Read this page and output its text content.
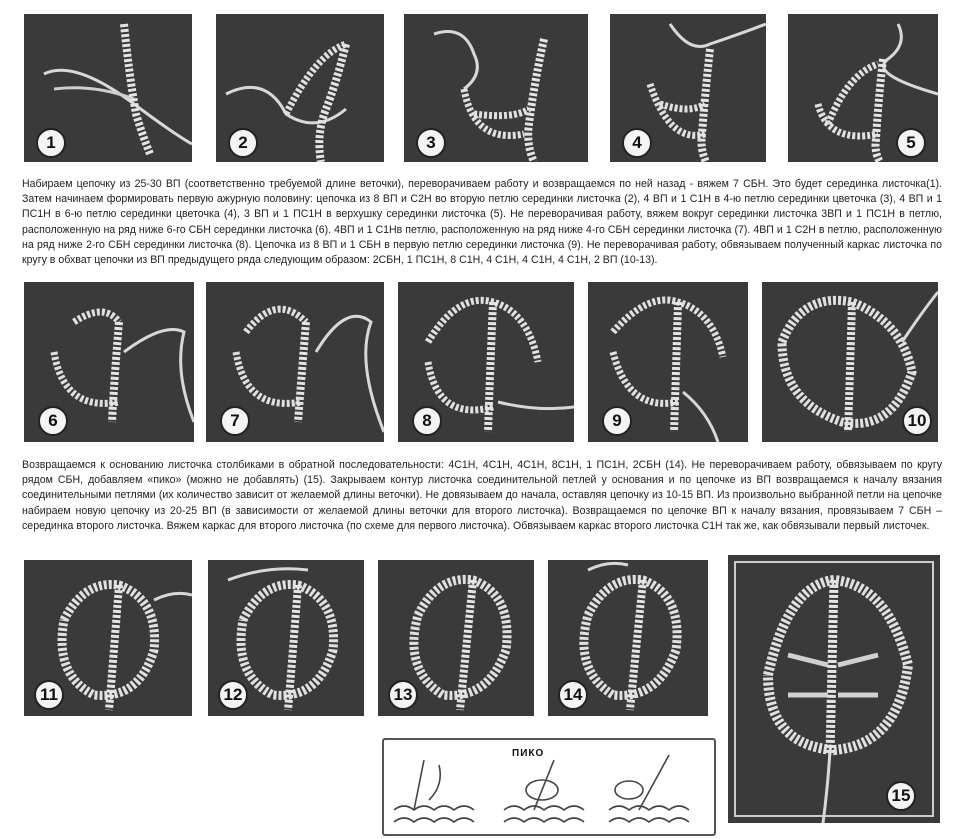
1	2	3	4	5
Набираем цепочку из 25-30 ВП (соответственно требуемой длине веточки), переворачиваем работу и возвращаемся по ней назад - вяжем 7 СБН. Это будет серединка листочка(1). Затем начинаем формировать первую ажурную половину: цепочка из 8 ВП и С2Н во вторую петлю серединки листочка (2), 4 ВП и 1 С1Н в 4-ю петлю серединки цветочка (3), 4 ВП и 1 ПС1Н в 6-ю петлю серединки цветочка (4), 3 ВП и 1 ПС1Н в верхушку серединки листочка (5). Не переворачивая работу, вяжем вокруг серединки листочка 3ВП и 1 ПС1Н в петлю, расположенную на ряд ниже 6-го СБН серединки листочка (6). 4ВП и 1 С1Нв петлю, расположенную на ряд ниже 4-го СБН серединки листочка (7). 4ВП и 1 С2Н в петлю, расположенную на ряд ниже 2-го СБН серединки листочка (8). Цепочка из 8 ВП и 1 СБН в первую петлю серединки листочка (9). Не переворачивая работу, обвязываем полученный каркас листочка по кругу в обхват цепочки из ВП предыдущего ряда следующим образом: 2СБН, 1 ПС1Н, 8 С1Н, 4 С1Н, 4 С1Н, 4 С1Н, 2 ВП (10-13).
6	7	8	9	10
Возвращаемся к основанию листочка столбиками в обратной последовательности: 4С1Н, 4С1Н, 4С1Н, 8С1Н, 1 ПС1Н, 2СБН (14). Не переворачиваем работу, обвязываем по кругу рядом СБН, добавляем «пико» (можно не добавлять) (15). Закрываем контур листочка соединительной петлей у основания и по цепочке из ВП возвращаемся к началу вязания соединительными петлями (их количество зависит от желаемой длины веточки). Не довязываем до начала, оставляя цепочку из 10-15 ВП. Из произвольно выбранной петли на цепочке набираем новую цепочку из 20-25 ВП (в зависимости от желаемой длины веточки для второго листочка). Возвращаемся по цепочке ВП к началу вязания, провязываем 7 СБН – серединка второго листочка. Вяжем каркас для второго листочка (по схеме для первого листочка). Обвязываем каркас второго листочка С1Н так же, как обвязывали первый листочек.
11	12	13	14
15
ПИКО
